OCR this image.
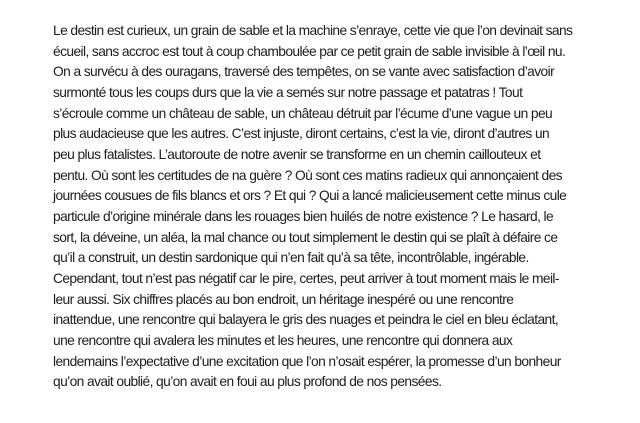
Le destin est curieux, un grain de sable et la machine s’enraye, cette vie que l’on devinait sans
écueil, sans accroc est tout à coup chamboulée par ce petit grain de sable invisible à l’œil nu.
On a survécu à des ouragans, traversé des tempêtes, on se vante avec satisfaction d’avoir
surmonté tous les coups durs que la vie a semés sur notre passage et patatras ! Tout
s’écroule comme un château de sable, un château détruit par l’écume d’une vague un peu
plus audacieuse que les autres. C’est injuste, diront certains, c’est la vie, diront d’autres un
peu plus fatalistes. L’autoroute de notre avenir se transforme en un chemin caillouteux et
pentu. Où sont les certitudes de na guère ? Où sont ces matins radieux qui annonçaient des
journées cousues de fils blancs et ors ? Et qui ? Qui a lancé malicieusement cette minus cule
particule d’origine minérale dans les rouages bien huilés de notre existence ? Le hasard, le
sort, la déveine, un aléa, la mal chance ou tout simplement le destin qui se plaît à défaire ce
qu’il a construit, un destin sardonique qui n’en fait qu’à sa tête, incontrôlable, ingérable.
Cependant, tout n’est pas négatif car le pire, certes, peut arriver à tout moment mais le meil-
leur aussi. Six chiffres placés au bon endroit, un héritage inespéré ou une rencontre
inattendue, une rencontre qui balayera le gris des nuages et peindra le ciel en bleu éclatant,
une rencontre qui avalera les minutes et les heures, une rencontre qui donnera aux
lendemains l’expectative d’une excitation que l’on n’osait espérer, la promesse d’un bonheur
qu’on avait oublié, qu’on avait en foui au plus profond de nos pensées.
